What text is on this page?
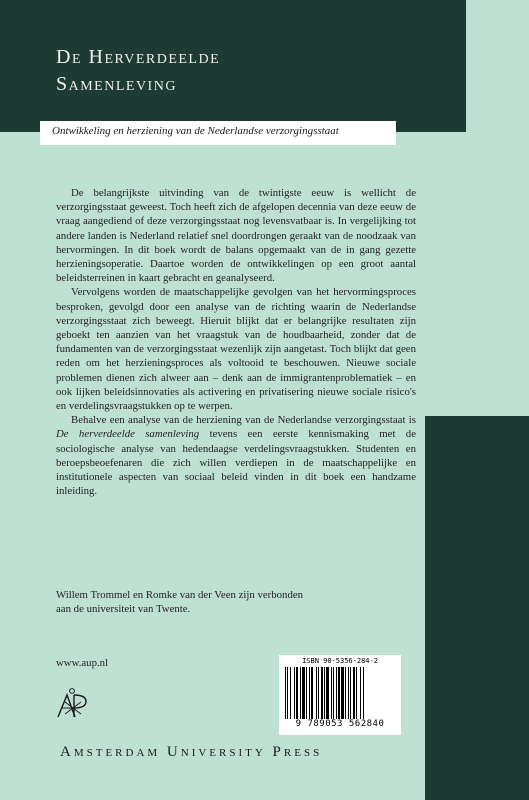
De Herverdeelde
Samenleving
Ontwikkeling en herziening van de Nederlandse verzorgingsstaat

De belangrijkste uitvinding van de twintigste eeuw is wellicht de verzorgingsstaat geweest. Toch heeft zich de afgelopen decennia van deze eeuw de vraag aangediend of deze verzorgingsstaat nog levensvatbaar is. In vergelijking tot andere landen is Nederland relatief snel doordrongen geraakt van de noodzaak van hervormingen. In dit boek wordt de balans opgemaakt van de in gang gezette herzieningsoperatie. Daartoe worden de ontwikkelingen op een groot aantal beleidsterreinen in kaart gebracht en geanalyseerd.

Vervolgens worden de maatschappelijke gevolgen van het hervormingsproces besproken, gevolgd door een analyse van de richting waarin de Nederlandse verzorgingsstaat zich beweegt. Hieruit blijkt dat er belangrijke resultaten zijn geboekt ten aanzien van het vraagstuk van de houdbaarheid, zonder dat de fundamenten van de verzorgingsstaat wezenlijk zijn aangetast. Toch blijkt dat geen reden om het herzieningsproces als voltooid te beschouwen. Nieuwe sociale problemen dienen zich alweer aan – denk aan de immigrantenproblematiek – en ook lijken beleidsinnovaties als activering en privatisering nieuwe sociale risico's en verdelingsvraagstukken op te werpen.

Behalve een analyse van de herziening van de Nederlandse verzorgingsstaat is De herverdeelde samenleving tevens een eerste kennismaking met de sociologische analyse van hedendaagse verdelingsvraagstukken. Studenten en beroepsbeoefenaren die zich willen verdiepen in de maatschappelijke en institutionele aspecten van sociaal beleid vinden in dit boek een handzame inleiding.

Willem Trommel en Romke van der Veen zijn verbonden aan de universiteit van Twente.
www.aup.nl
Amsterdam University Press
ISBN 90-5356-284-2
9 789053 562840
